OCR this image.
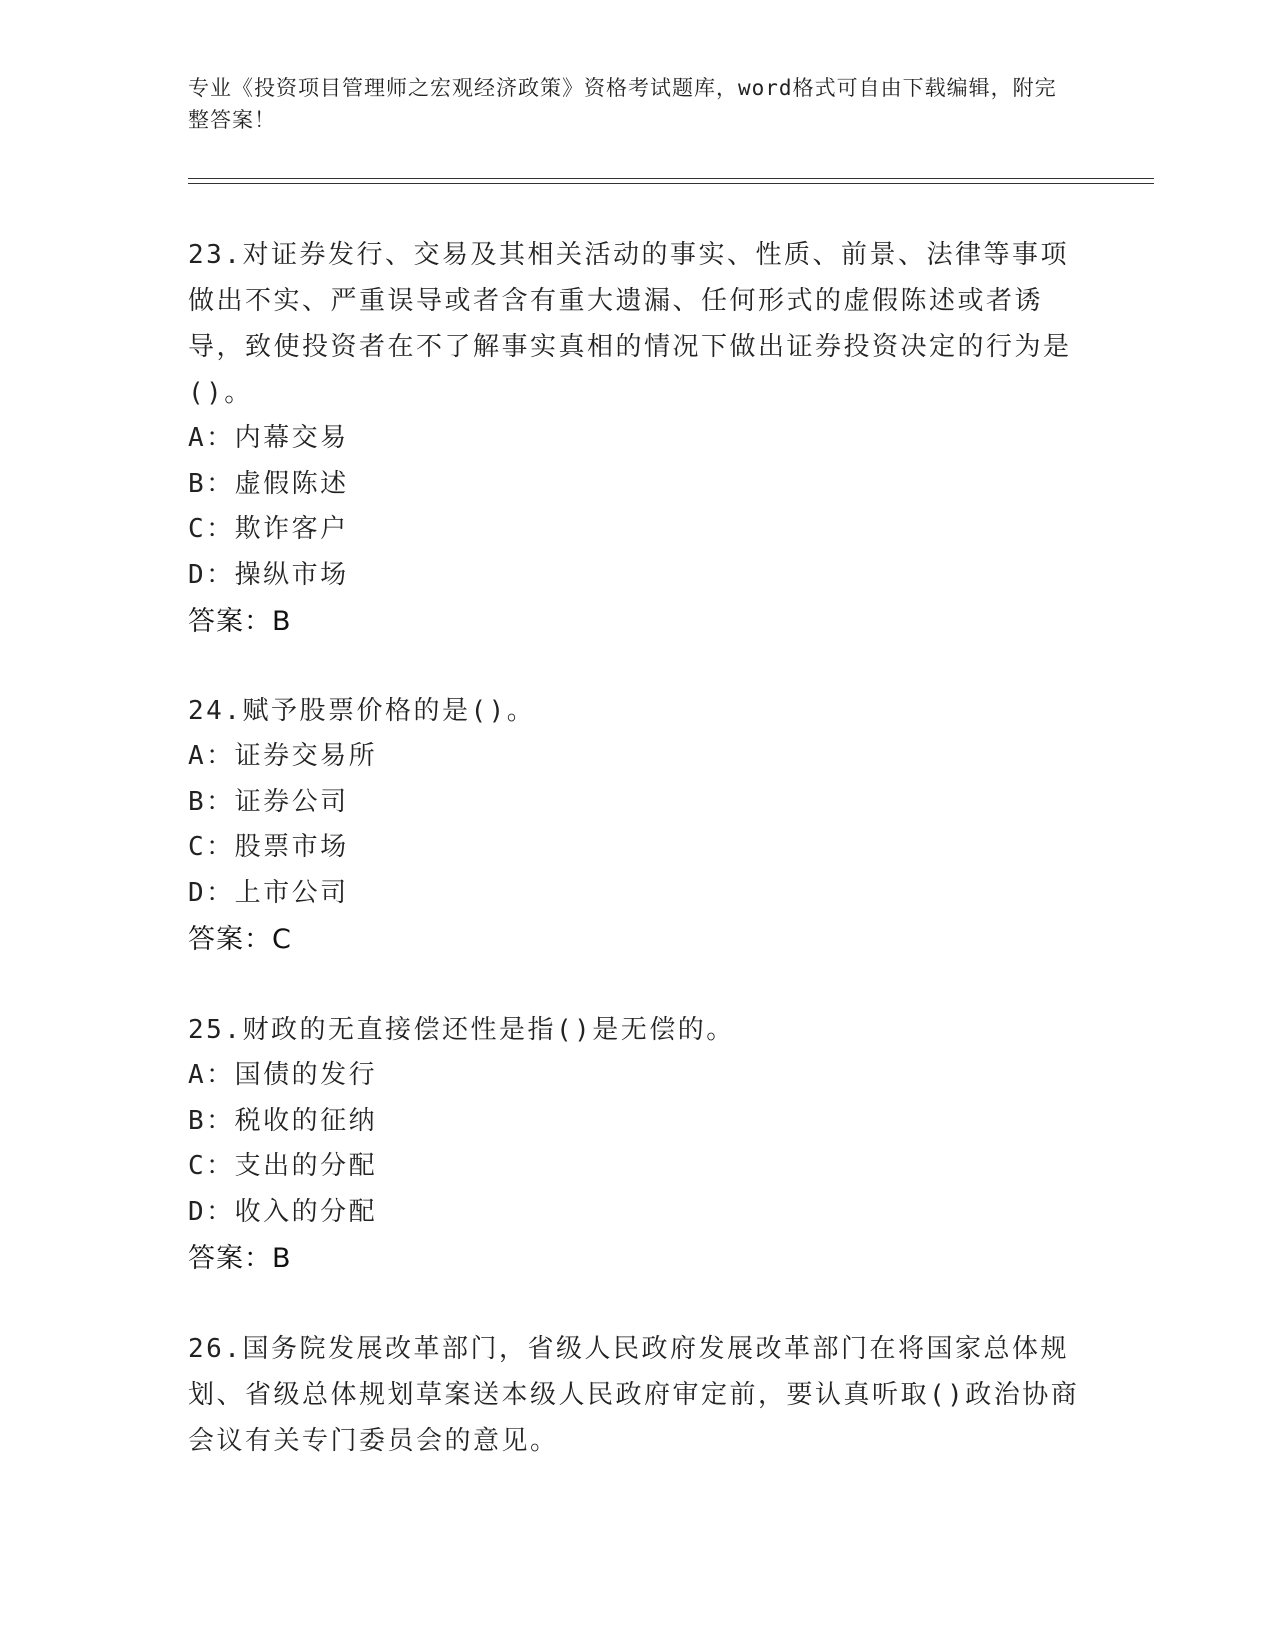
专业《投资项目管理师之宏观经济政策》资格考试题库，word格式可自由下载编辑，附完整答案！

23.对证券发行、交易及其相关活动的事实、性质、前景、法律等事项做出不实、严重误导或者含有重大遗漏、任何形式的虚假陈述或者诱导，致使投资者在不了解事实真相的情况下做出证券投资决定的行为是()。

A：内幕交易
B：虚假陈述
C：欺诈客户
D：操纵市场
答案：B

24.赋予股票价格的是()。

A：证券交易所
B：证券公司
C：股票市场
D：上市公司
答案：C

25.财政的无直接偿还性是指()是无偿的。

A：国债的发行
B：税收的征纳
C：支出的分配
D：收入的分配
答案：B

26.国务院发展改革部门，省级人民政府发展改革部门在将国家总体规划、省级总体规划草案送本级人民政府审定前，要认真听取()政治协商会议有关专门委员会的意见。
